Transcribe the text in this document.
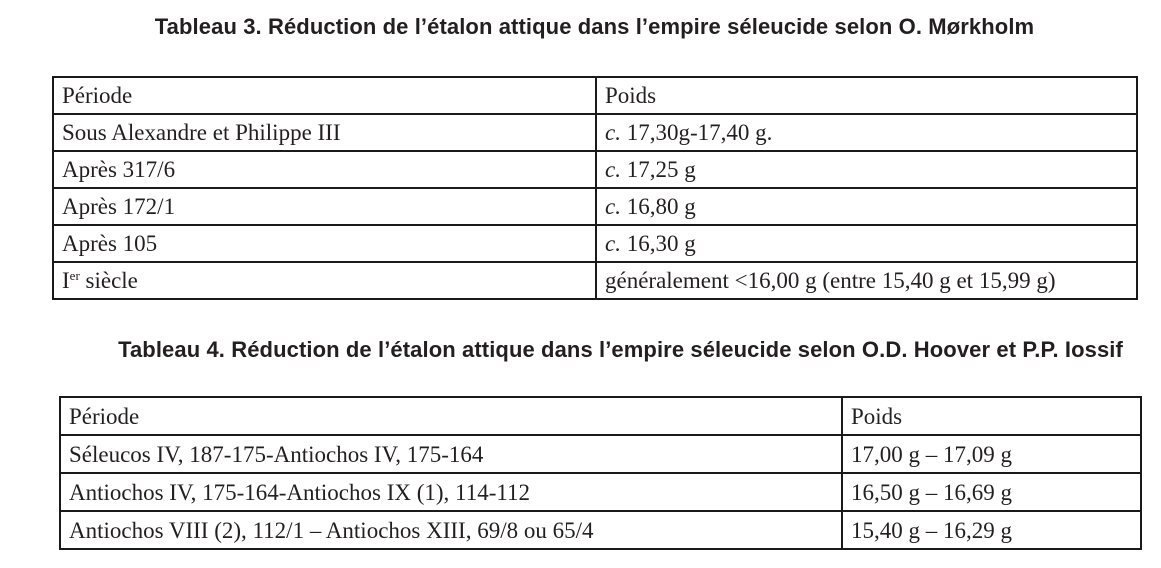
Tableau 3. Réduction de l’étalon attique dans l’empire séleucide selon O. Mørkholm
Période	Poids
Sous Alexandre et Philippe III	c. 17,30g-17,40 g.
Après 317/6	c. 17,25 g
Après 172/1	c. 16,80 g
Après 105	c. 16,30 g
Ier siècle	généralement <16,00 g (entre 15,40 g et 15,99 g)
Tableau 4. Réduction de l’étalon attique dans l’empire séleucide selon O.D. Hoover et P.P. Iossif
Période	Poids
Séleucos IV, 187-175-Antiochos IV, 175-164	17,00 g – 17,09 g
Antiochos IV, 175-164-Antiochos IX (1), 114-112	16,50 g – 16,69 g
Antiochos VIII (2), 112/1 – Antiochos XIII, 69/8 ou 65/4	15,40 g – 16,29 g
